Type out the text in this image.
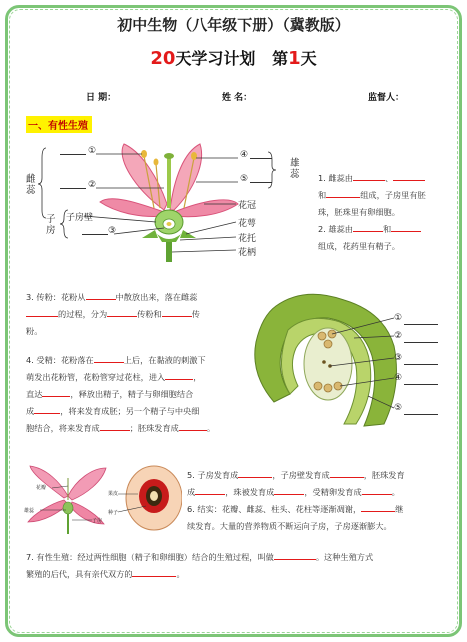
初中生物（八年级下册）（冀教版）
20天学习计划 第1天
日 期：	姓 名：	监督人：
一、有性生殖
①
②
③
④
⑤
雌蕊
雄蕊
子房
子房壁
花冠
花萼
花托
花柄
1. 雌蕊由	、
和	组成，子房里有胚
珠，胚珠里有卵细胞。
2. 雄蕊由	和
组成，花药里有精子。
3. 传粉：花粉从	中散放出来，落在雌蕊
的过程，分为	传粉和	传
粉。
4. 受精：花粉落在	上后，在黏液的刺激下
萌发出花粉管，花粉管穿过花柱，进入	，
直达	，释放出精子，精子与卵细胞结合
成	，将来发育成胚；另一个精子与中央细
胞结合，将来发育成	；胚珠发育成	。
①
②
③
④
⑤
花瓣
雄蕊
子房
果皮
种子
5. 子房发育成	，子房壁发育成	，胚珠发育
成	，珠被发育成	，受精卵发育成	。
6. 结实：花瓣、雌蕊、柱头、花柱等逐渐凋谢，	继
续发育。大量的营养物质不断运向子房，子房逐渐膨大。
7. 有性生殖：经过两性细胞（精子和卵细胞）结合的生殖过程，叫做	。这种生殖方式
繁殖的后代，具有亲代双方的	。
